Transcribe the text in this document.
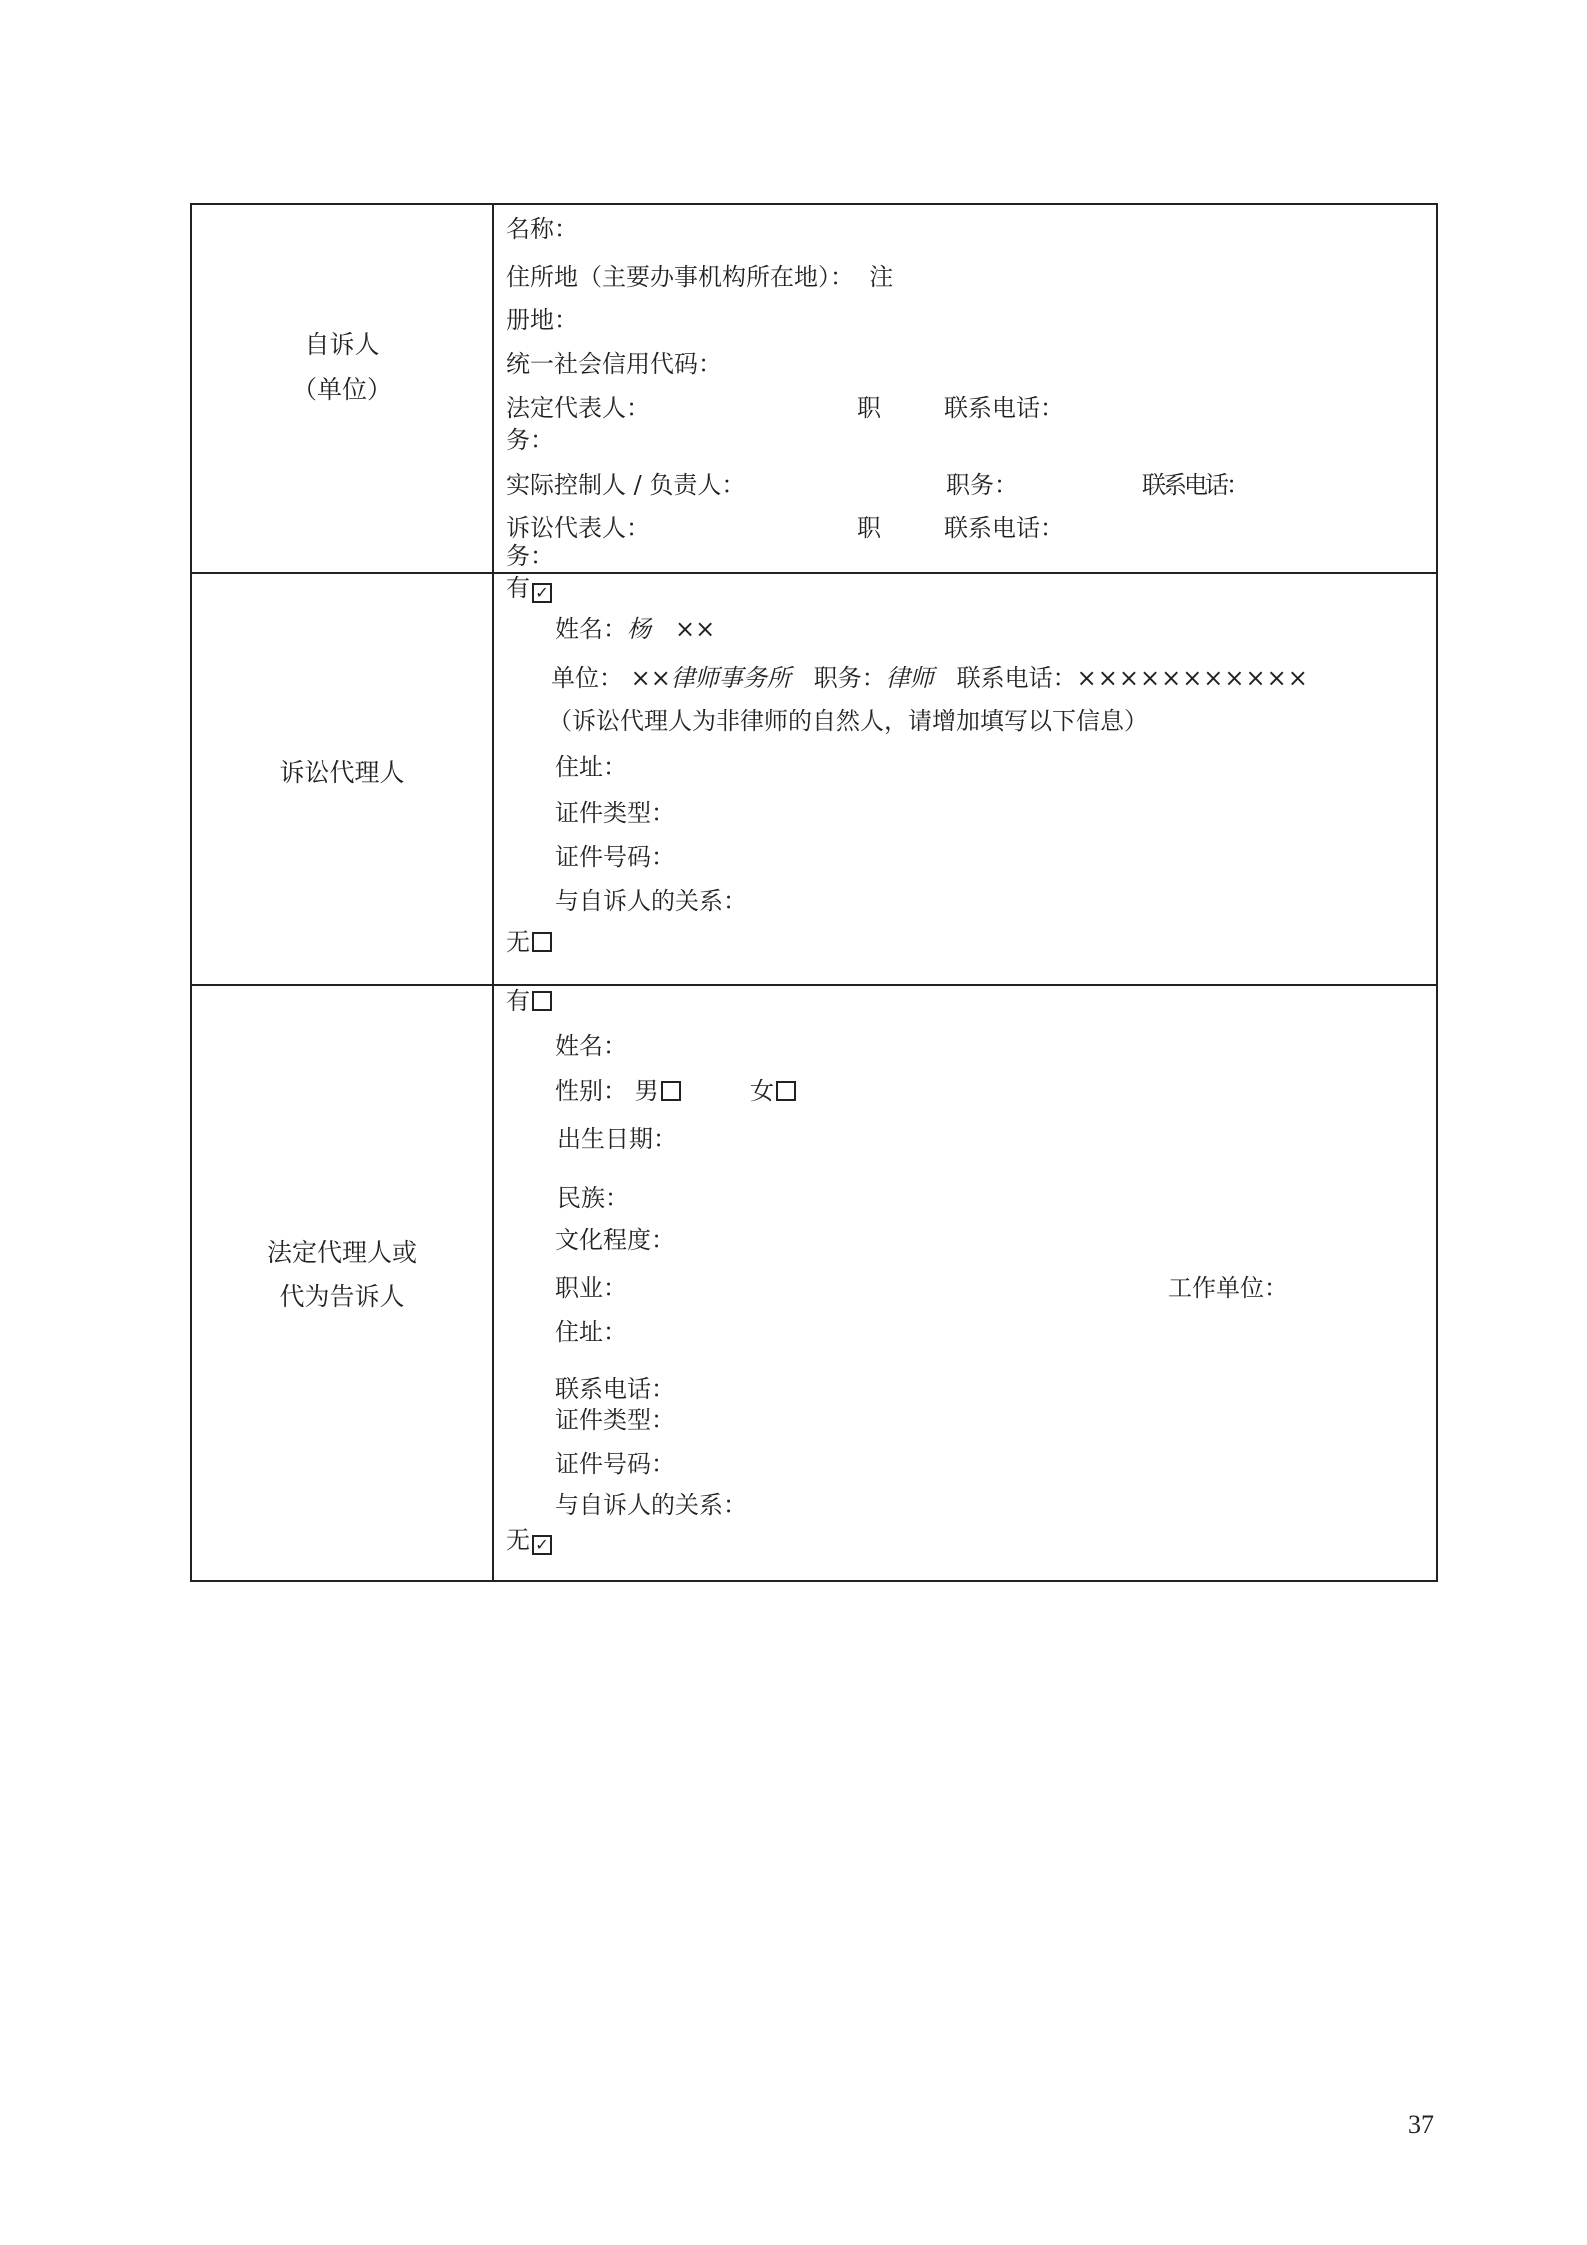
自诉人
（单位）
名称：
住所地（主要办事机构所在地）：  注
册地：
统一社会信用代码：
法定代表人：	职	联系电话：
务：
实际控制人 / 负责人：	职务：	联系电话：
诉讼代表人：	职	联系电话：
务：
诉讼代理人
有 ✓
姓名：杨　××
单位： ××律师事务所 职务：律师 联系电话：×××××××××××
（诉讼代理人为非律师的自然人，请增加填写以下信息）
住址：
证件类型：
证件号码：
与自诉人的关系：
无
法定代理人或
代为告诉人
有
姓名：
性别： 男	女
出生日期：
民族：
文化程度：
职业：	工作单位：
住址：
联系电话：
证件类型：
证件号码：
与自诉人的关系：
无 ✓
37
